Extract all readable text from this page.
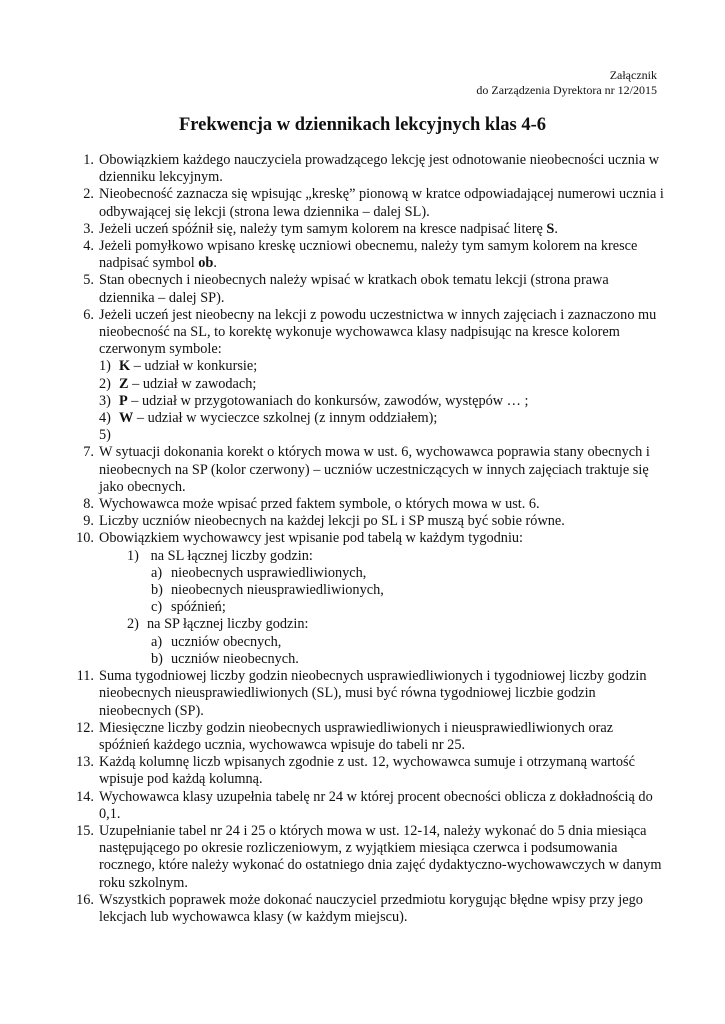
Załącznik
do Zarządzenia Dyrektora nr 12/2015
Frekwencja w dziennikach lekcyjnych klas 4-6
1. Obowiązkiem każdego nauczyciela prowadzącego lekcję jest odnotowanie nieobecności ucznia w dzienniku lekcyjnym.
2. Nieobecność zaznacza się wpisując „kreskę” pionową w kratce odpowiadającej numerowi ucznia i odbywającej się lekcji (strona lewa dziennika – dalej SL).
3. Jeżeli uczeń spóźnił się, należy tym samym kolorem na kresce nadpisać literę S.
4. Jeżeli pomyłkowo wpisano kreskę uczniowi obecnemu, należy tym samym kolorem na kresce nadpisać symbol ob.
5. Stan obecnych i nieobecnych należy wpisać w kratkach obok tematu lekcji (strona prawa dziennika – dalej SP).
6. Jeżeli uczeń jest nieobecny na lekcji z powodu uczestnictwa w innych zajęciach i zaznaczono mu nieobecność na SL, to korektę wykonuje wychowawca klasy nadpisując na kresce kolorem czerwonym symbole:
1) K – udział w konkursie;
2) Z – udział w zawodach;
3) P – udział w przygotowaniach do konkursów, zawodów, występów … ;
4) W – udział w wycieczce szkolnej (z innym oddziałem);
5)
7. W sytuacji dokonania korekt o których mowa w ust. 6, wychowawca poprawia stany obecnych i nieobecnych na SP (kolor czerwony) – uczniów uczestniczących w innych zajęciach traktuje się jako obecnych.
8. Wychowawca może wpisać przed faktem symbole, o których mowa w ust. 6.
9. Liczby uczniów nieobecnych na każdej lekcji po SL i SP muszą być sobie równe.
10. Obowiązkiem wychowawcy jest wpisanie pod tabelą w każdym tygodniu:
1) na SL łącznej liczby godzin:
a) nieobecnych usprawiedliwionych,
b) nieobecnych nieusprawiedliwionych,
c) spóźnień;
2) na SP łącznej liczby godzin:
a) uczniów obecnych,
b) uczniów nieobecnych.
11. Suma tygodniowej liczby godzin nieobecnych usprawiedliwionych i tygodniowej liczby godzin nieobecnych nieusprawiedliwionych (SL), musi być równa tygodniowej liczbie godzin nieobecnych (SP).
12. Miesięczne liczby godzin nieobecnych usprawiedliwionych i nieusprawiedliwionych oraz spóźnień każdego ucznia, wychowawca wpisuje do tabeli nr 25.
13. Każdą kolumnę liczb wpisanych zgodnie z ust. 12, wychowawca sumuje i otrzymaną wartość wpisuje pod każdą kolumną.
14. Wychowawca klasy uzupełnia tabelę nr 24 w której procent obecności oblicza z dokładnością do 0,1.
15. Uzupełnianie tabel nr 24 i 25 o których mowa w ust. 12-14, należy wykonać do 5 dnia miesiąca następującego po okresie rozliczeniowym, z wyjątkiem miesiąca czerwca i podsumowania rocznego, które należy wykonać do ostatniego dnia zajęć dydaktyczno-wychowawczych w danym roku szkolnym.
16. Wszystkich poprawek może dokonać nauczyciel przedmiotu korygując błędne wpisy przy jego lekcjach lub wychowawca klasy (w każdym miejscu).
